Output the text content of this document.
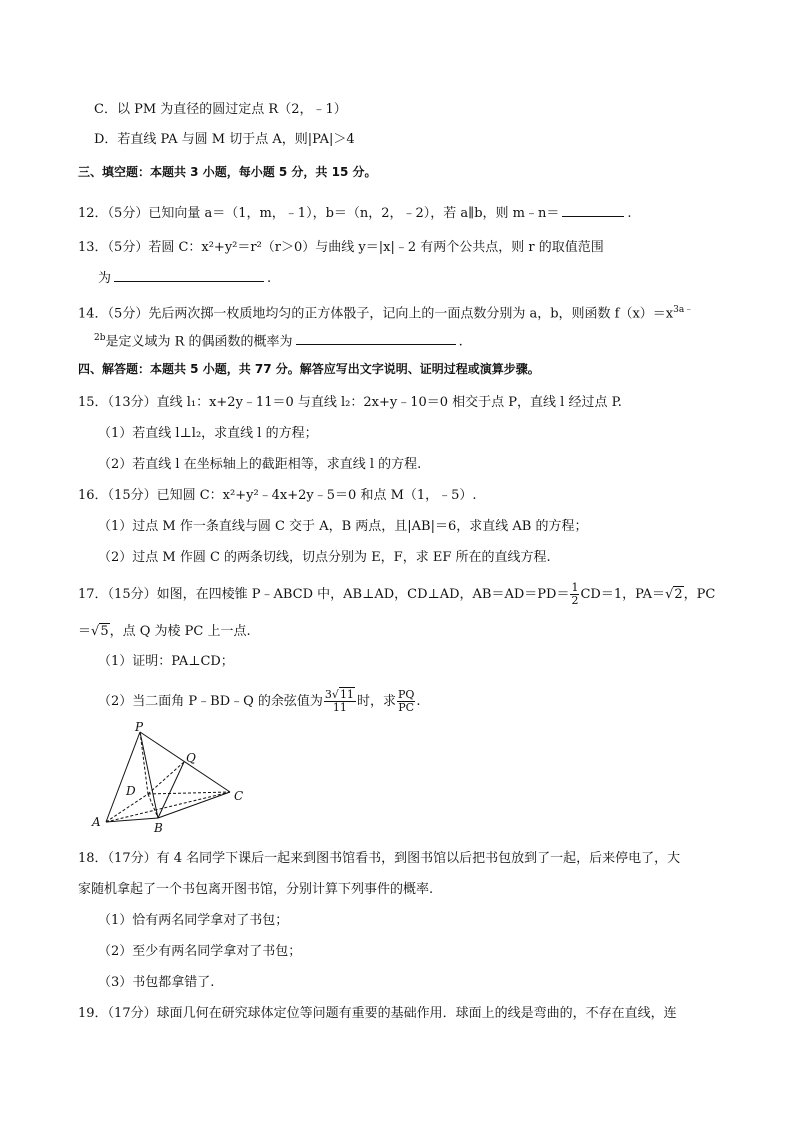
C．以 PM 为直径的圆过定点 R（2，﹣1）
D．若直线 PA 与圆 M 切于点 A，则|PA|＞4
三、填空题：本题共 3 小题，每小题 5 分，共 15 分。
12．（5分）已知向量 a＝（1，m，﹣1），b＝（n，2，﹣2），若 a∥b，则 m﹣n＝	.
13．（5分）若圆 C：x²+y²＝r²（r＞0）与曲线 y＝|x|﹣2 有两个公共点，则 r 的取值范围
为	.
14．（5分）先后两次掷一枚质地均匀的正方体骰子，记向上的一面点数分别为 a，b，则函数 $f(x)=x^{3a﹣}$
$^{2b}$是定义域为 R 的偶函数的概率为	.
四、解答题：本题共 5 小题，共 77 分。解答应写出文字说明、证明过程或演算步骤。
15．（13分）直线 l₁：x+2y﹣11＝0 与直线 l₂：2x+y﹣10＝0 相交于点 P，直线 l 经过点 P.
（1）若直线 l⊥l₂，求直线 l 的方程；
（2）若直线 l 在坐标轴上的截距相等，求直线 l 的方程.
16．（15分）已知圆 C：x²+y²﹣4x+2y﹣5＝0 和点 M（1，﹣5）.
（1）过点 M 作一条直线与圆 C 交于 A，B 两点，且|AB|＝6，求直线 AB 的方程；
（2）过点 M 作圆 C 的两条切线，切点分别为 E，F，求 EF 所在的直线方程.
17．（15分）如图，在四棱锥 P﹣ABCD 中，AB⊥AD，CD⊥AD，$AB=AD=PD= \frac{1}{2} CD=1$，PA＝√2，PC
＝√5，点 Q 为棱 PC 上一点.
（1）证明：PA⊥CD；
（2）当二面角 P﹣BD﹣Q 的余弦值为 $\frac{3√11}{11}$ 时，求 $\frac{PQ}{PC}$ .
P
Q
D	C
A	B
18．（17分）有 4 名同学下课后一起来到图书馆看书，到图书馆以后把书包放到了一起，后来停电了，大
家随机拿起了一个书包离开图书馆，分别计算下列事件的概率.
（1）恰有两名同学拿对了书包；
（2）至少有两名同学拿对了书包；
（3）书包都拿错了.
19．（17分）球面几何在研究球体定位等问题有重要的基础作用．球面上的线是弯曲的，不存在直线，连
